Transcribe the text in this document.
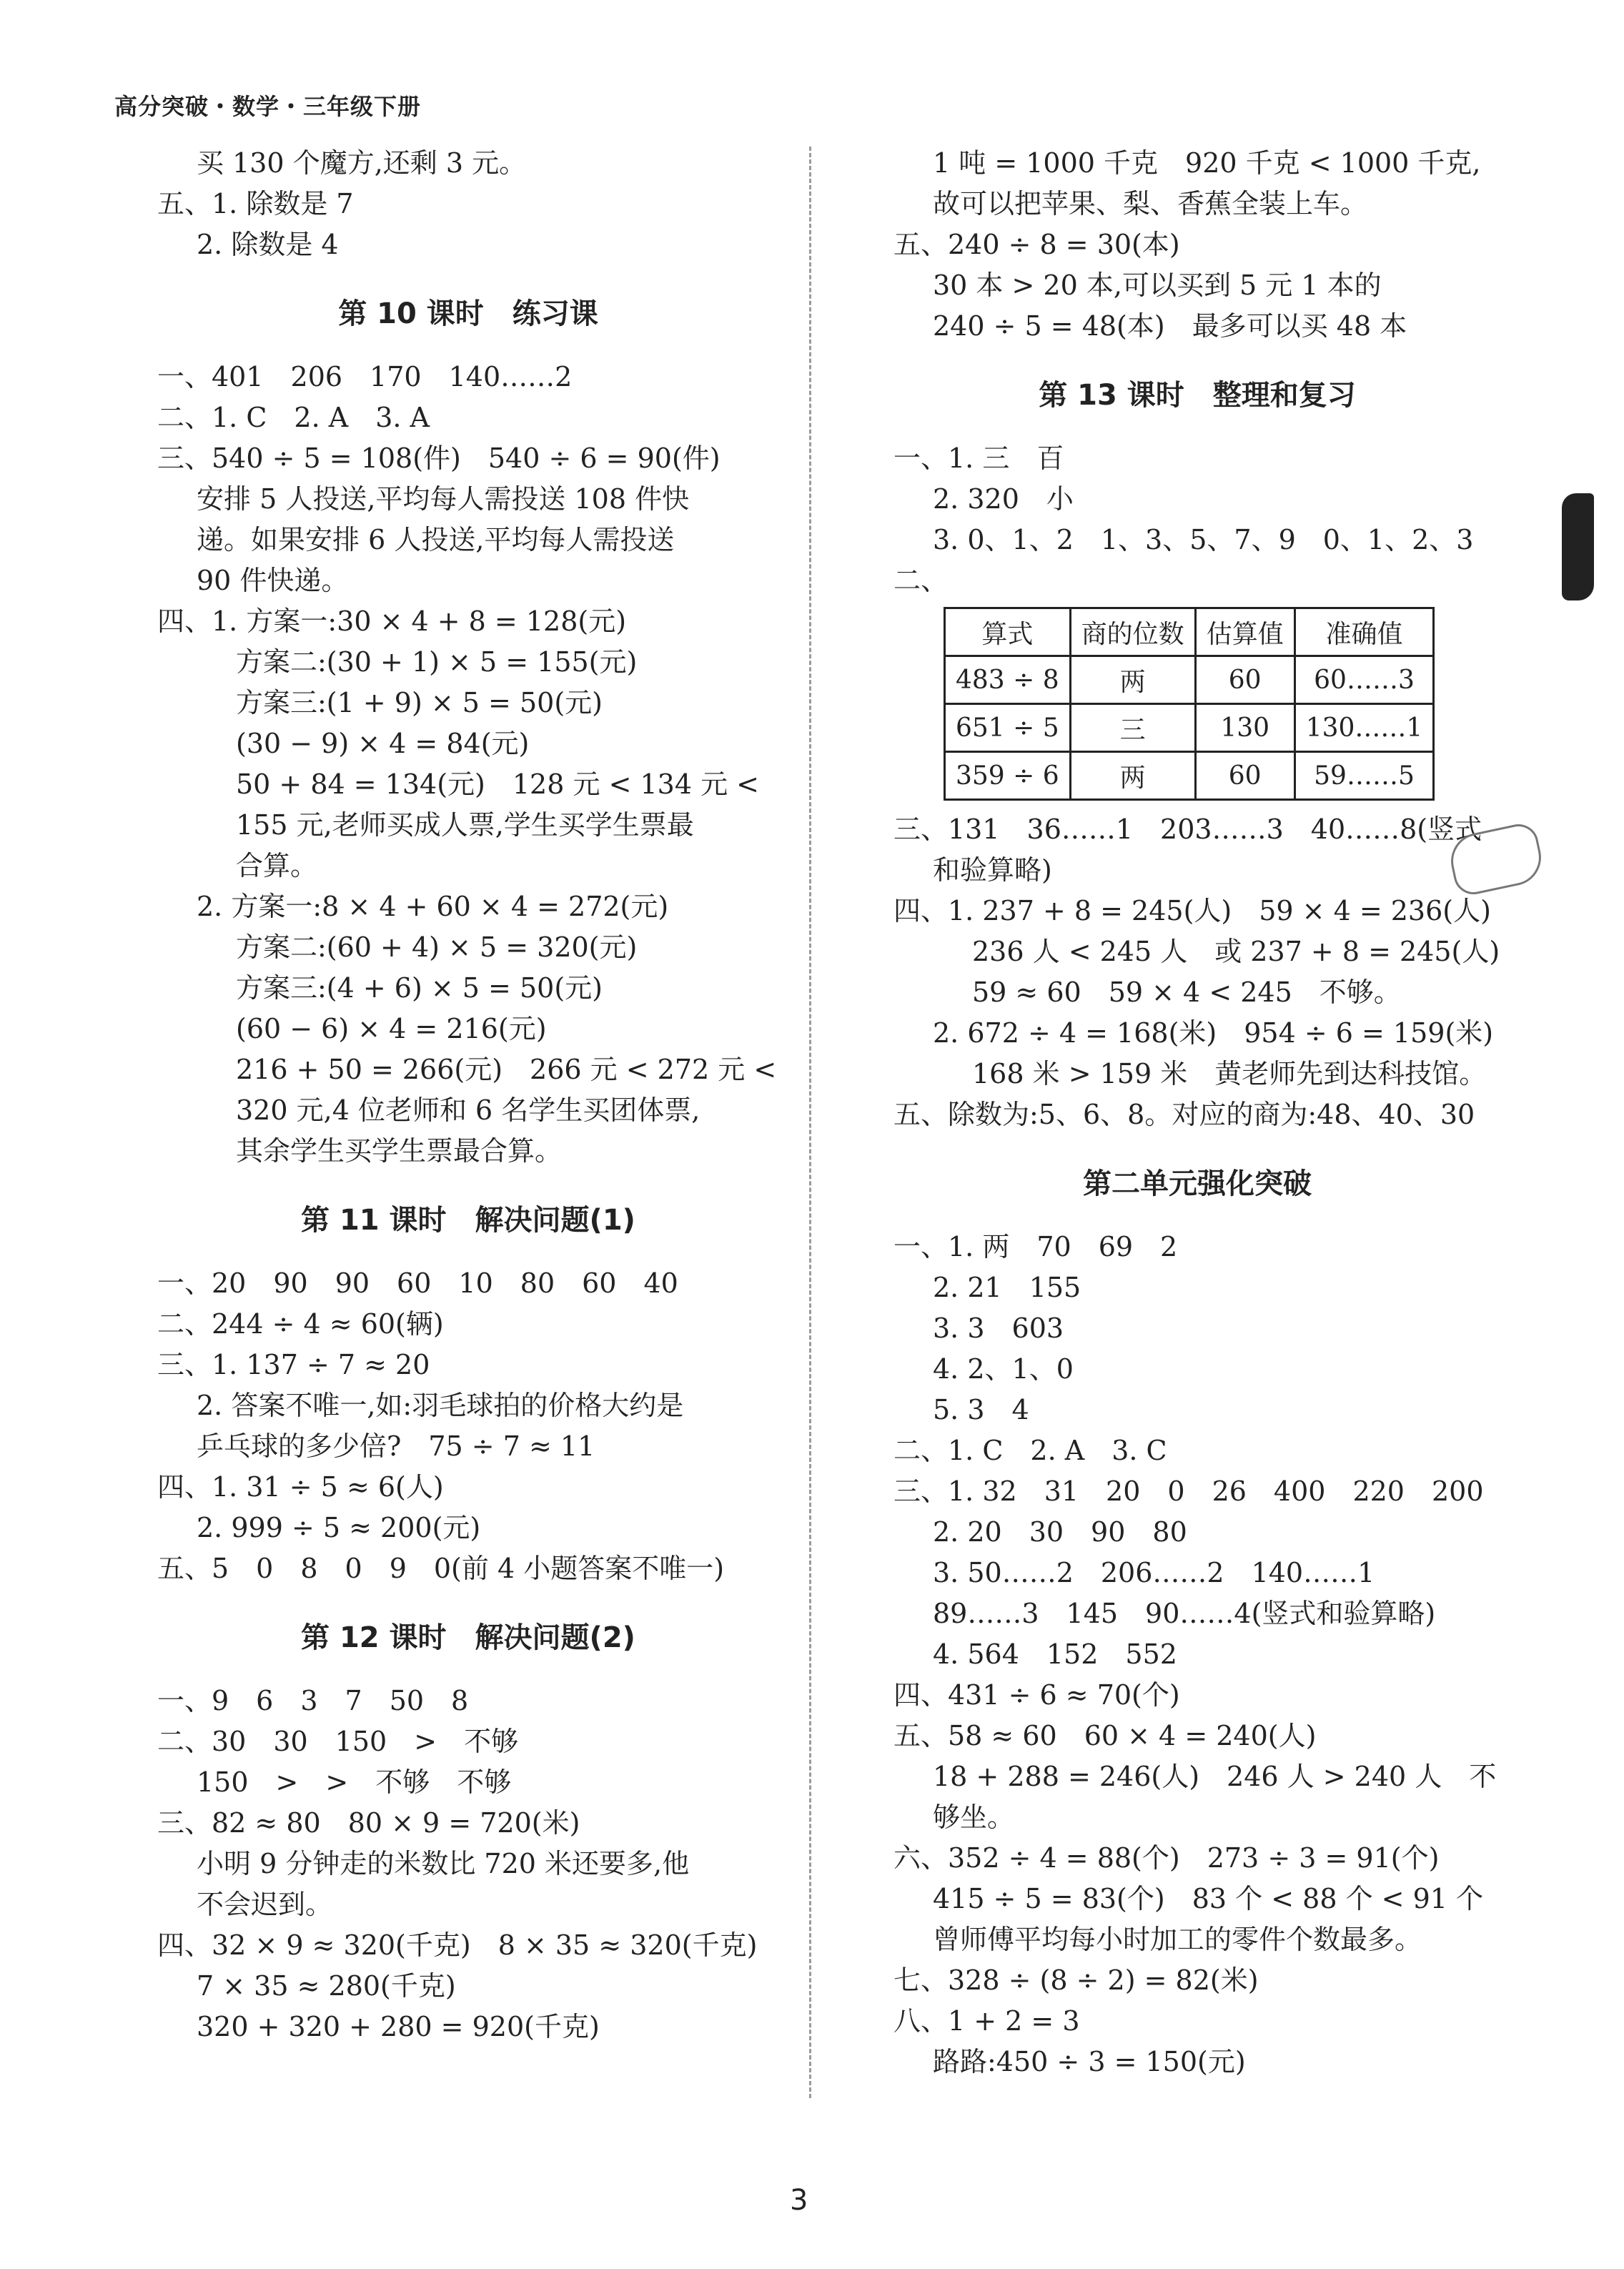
高分突破・数学・三年级下册
买 130 个魔方,还剩 3 元。
五、1. 除数是 7
2. 除数是 4
第 10 课时　练习课
一、401　206　170　140……2
二、1. C　2. A　3. A
三、540 ÷ 5 = 108(件)　540 ÷ 6 = 90(件)
安排 5 人投送,平均每人需投送 108 件快
递。如果安排 6 人投送,平均每人需投送
90 件快递。
四、1. 方案一:30 × 4 + 8 = 128(元)
方案二:(30 + 1) × 5 = 155(元)
方案三:(1 + 9) × 5 = 50(元)
(30 − 9) × 4 = 84(元)
50 + 84 = 134(元)　128 元 < 134 元 <
155 元,老师买成人票,学生买学生票最
合算。
2. 方案一:8 × 4 + 60 × 4 = 272(元)
方案二:(60 + 4) × 5 = 320(元)
方案三:(4 + 6) × 5 = 50(元)
(60 − 6) × 4 = 216(元)
216 + 50 = 266(元)　266 元 < 272 元 <
320 元,4 位老师和 6 名学生买团体票,
其余学生买学生票最合算。
第 11 课时　解决问题(1)
一、20　90　90　60　10　80　60　40
二、244 ÷ 4 ≈ 60(辆)
三、1. 137 ÷ 7 ≈ 20
2. 答案不唯一,如:羽毛球拍的价格大约是
乒乓球的多少倍?　75 ÷ 7 ≈ 11
四、1. 31 ÷ 5 ≈ 6(人)
2. 999 ÷ 5 ≈ 200(元)
五、5　0　8　0　9　0(前 4 小题答案不唯一)
第 12 课时　解决问题(2)
一、9　6　3　7　50　8
二、30　30　150　>　不够
150　>　>　不够　不够
三、82 ≈ 80　80 × 9 = 720(米)
小明 9 分钟走的米数比 720 米还要多,他
不会迟到。
四、32 × 9 ≈ 320(千克)　8 × 35 ≈ 320(千克)
7 × 35 ≈ 280(千克)
320 + 320 + 280 = 920(千克)
1 吨 = 1000 千克　920 千克 < 1000 千克,
故可以把苹果、梨、香蕉全装上车。
五、240 ÷ 8 = 30(本)
30 本 > 20 本,可以买到 5 元 1 本的
240 ÷ 5 = 48(本)　最多可以买 48 本
第 13 课时　整理和复习
一、1. 三　百
2. 320　小
3. 0、1、2　1、3、5、7、9　0、1、2、3
二、
算式	商的位数	估算值	准确值
483 ÷ 8	两	60	60……3
651 ÷ 5	三	130	130……1
359 ÷ 6	两	60	59……5
三、131　36……1　203……3　40……8(竖式
和验算略)
四、1. 237 + 8 = 245(人)　59 × 4 = 236(人)
236 人 < 245 人　或 237 + 8 = 245(人)
59 ≈ 60　59 × 4 < 245　不够。
2. 672 ÷ 4 = 168(米)　954 ÷ 6 = 159(米)
168 米 > 159 米　黄老师先到达科技馆。
五、除数为:5、6、8。对应的商为:48、40、30
第二单元强化突破
一、1. 两　70　69　2
2. 21　155
3. 3　603
4. 2、1、0
5. 3　4
二、1. C　2. A　3. C
三、1. 32　31　20　0　26　400　220　200
2. 20　30　90　80
3. 50……2　206……2　140……1
89……3　145　90……4(竖式和验算略)
4. 564　152　552
四、431 ÷ 6 ≈ 70(个)
五、58 ≈ 60　60 × 4 = 240(人)
18 + 288 = 246(人)　246 人 > 240 人　不
够坐。
六、352 ÷ 4 = 88(个)　273 ÷ 3 = 91(个)
415 ÷ 5 = 83(个)　83 个 < 88 个 < 91 个
曾师傅平均每小时加工的零件个数最多。
七、328 ÷ (8 ÷ 2) = 82(米)
八、1 + 2 = 3
路路:450 ÷ 3 = 150(元)
3
